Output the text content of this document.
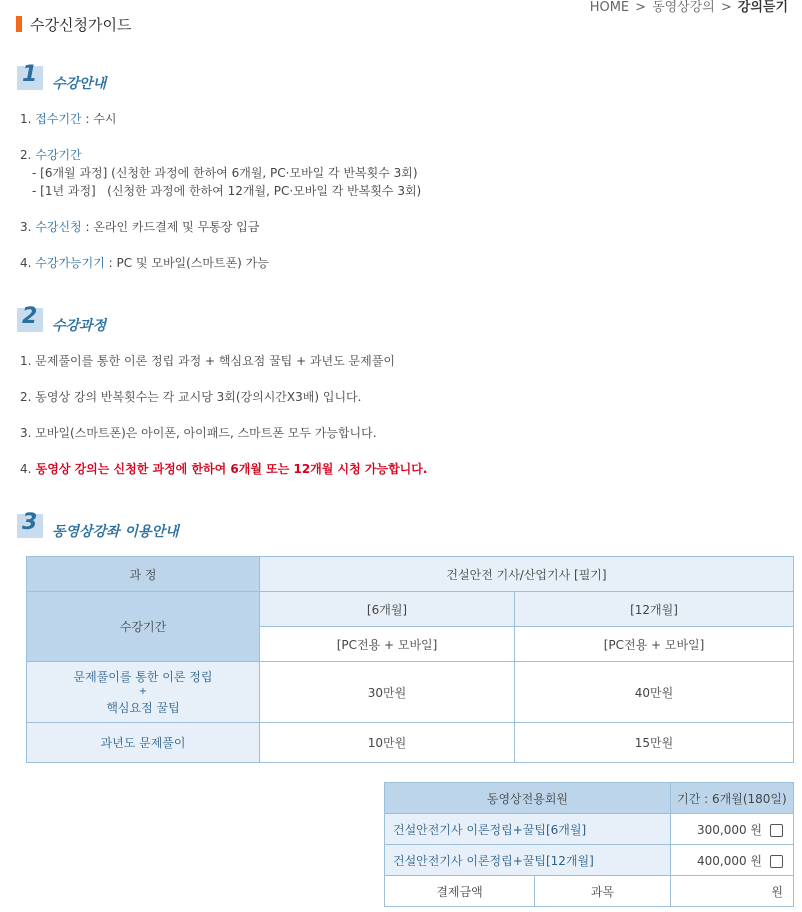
HOME > 동영상강의 > 강의듣기
수강신청가이드
1 수강안내
1. 접수기간 : 수시
2. 수강기간
- [6개월 과정] (신청한 과정에 한하여 6개월, PC·모바일 각 반복횟수 3회)
- [1년 과정]   (신청한 과정에 한하여 12개월, PC·모바일 각 반복횟수 3회)
3. 수강신청 : 온라인 카드결제 및 무통장 입금
4. 수강가능기기 : PC 및 모바일(스마트폰) 가능
2 수강과정
1. 문제풀이를 통한 이론 정립 과정 + 핵심요점 꿀팁 + 과년도 문제풀이
2. 동영상 강의 반복횟수는 각 교시당 3회(강의시간X3배) 입니다.
3. 모바일(스마트폰)은 아이폰, 아이패드, 스마트폰 모두 가능합니다.
4. 동영상 강의는 신청한 과정에 한하여 6개월 또는 12개월 시청 가능합니다.
3 동영상강좌 이용안내
과 정	건설안전 기사/산업기사 [필기]	
수강기간	[6개월]	[12개월]
	[PC전용 + 모바일]	[PC전용 + 모바일]

문제풀이를 통한 이론 정립
+
핵심요점 꿀팁	30만원	40만원
과년도 문제풀이	10만원	15만원
동영상전용회원		기간 : 6개월(180일)
건설안전기사 이론정립+꿀팁[6개월]		300,000 원
건설안전기사 이론정립+꿀팁[12개월]		400,000 원
결제금액	과목	원
